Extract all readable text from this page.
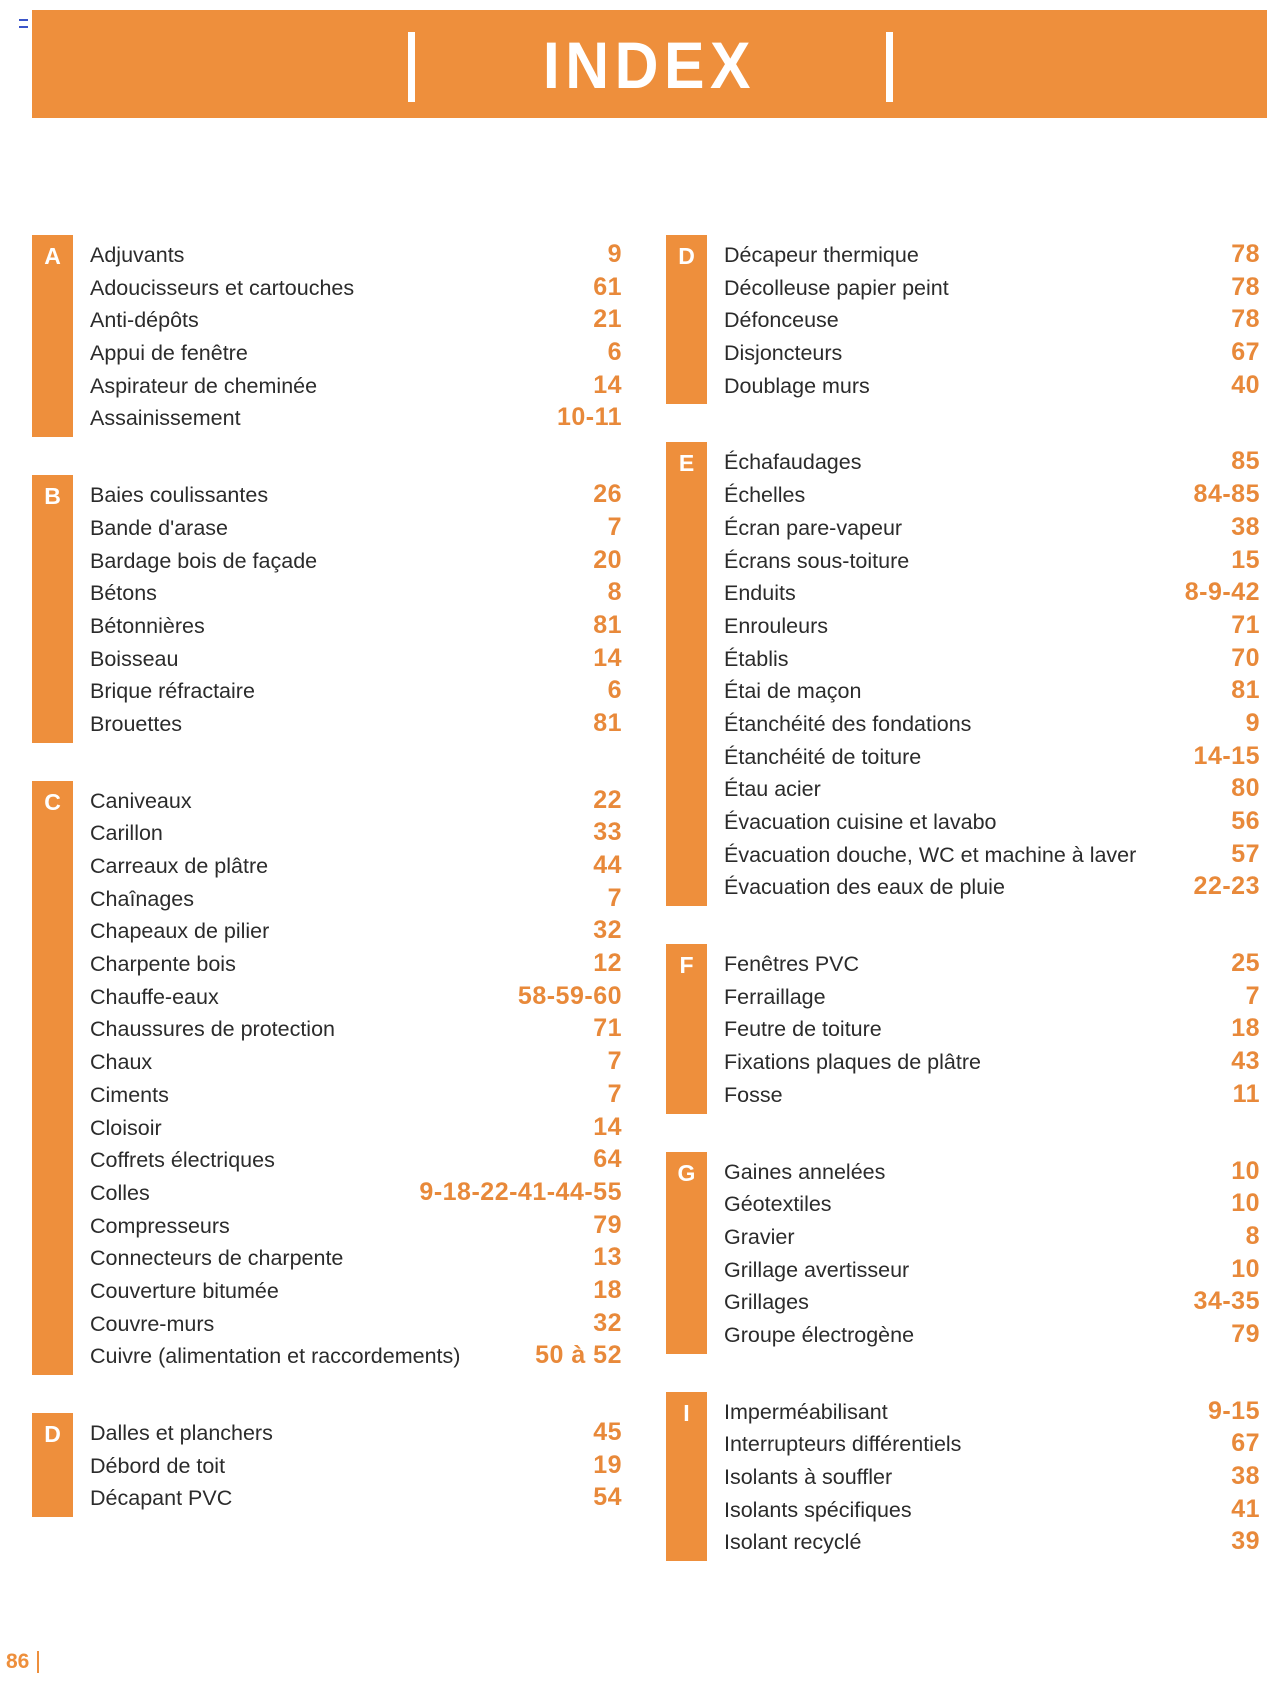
INDEX
A	Adjuvants	9
Adoucisseurs et cartouches	61
Anti-dépôts	21
Appui de fenêtre	6
Aspirateur de cheminée	14
Assainissement	10-11
B	Baies coulissantes	26
Bande d'arase	7
Bardage bois de façade	20
Bétons	8
Bétonnières	81
Boisseau	14
Brique réfractaire	6
Brouettes	81
C	Caniveaux	22
Carillon	33
Carreaux de plâtre	44
Chaînages	7
Chapeaux de pilier	32
Charpente bois	12
Chauffe-eaux	58-59-60
Chaussures de protection	71
Chaux	7
Ciments	7
Cloisoir	14
Coffrets électriques	64
Colles	9-18-22-41-44-55
Compresseurs	79
Connecteurs de charpente	13
Couverture bitumée	18
Couvre-murs	32
Cuivre (alimentation et raccordements)	50 à 52
D	Dalles et planchers	45
Débord de toit	19
Décapant PVC	54
D	Décapeur thermique	78
Décolleuse papier peint	78
Défonceuse	78
Disjoncteurs	67
Doublage murs	40
E	Échafaudages	85
Échelles	84-85
Écran pare-vapeur	38
Écrans sous-toiture	15
Enduits	8-9-42
Enrouleurs	71
Établis	70
Étai de maçon	81
Étanchéité des fondations	9
Étanchéité de toiture	14-15
Étau acier	80
Évacuation cuisine et lavabo	56
Évacuation douche, WC et machine à laver	57
Évacuation des eaux de pluie	22-23
F	Fenêtres PVC	25
Ferraillage	7
Feutre de toiture	18
Fixations plaques de plâtre	43
Fosse	11
G	Gaines annelées	10
Géotextiles	10
Gravier	8
Grillage avertisseur	10
Grillages	34-35
Groupe électrogène	79
I	Imperméabilisant	9-15
Interrupteurs différentiels	67
Isolants à souffler	38
Isolants spécifiques	41
Isolant recyclé	39
86
